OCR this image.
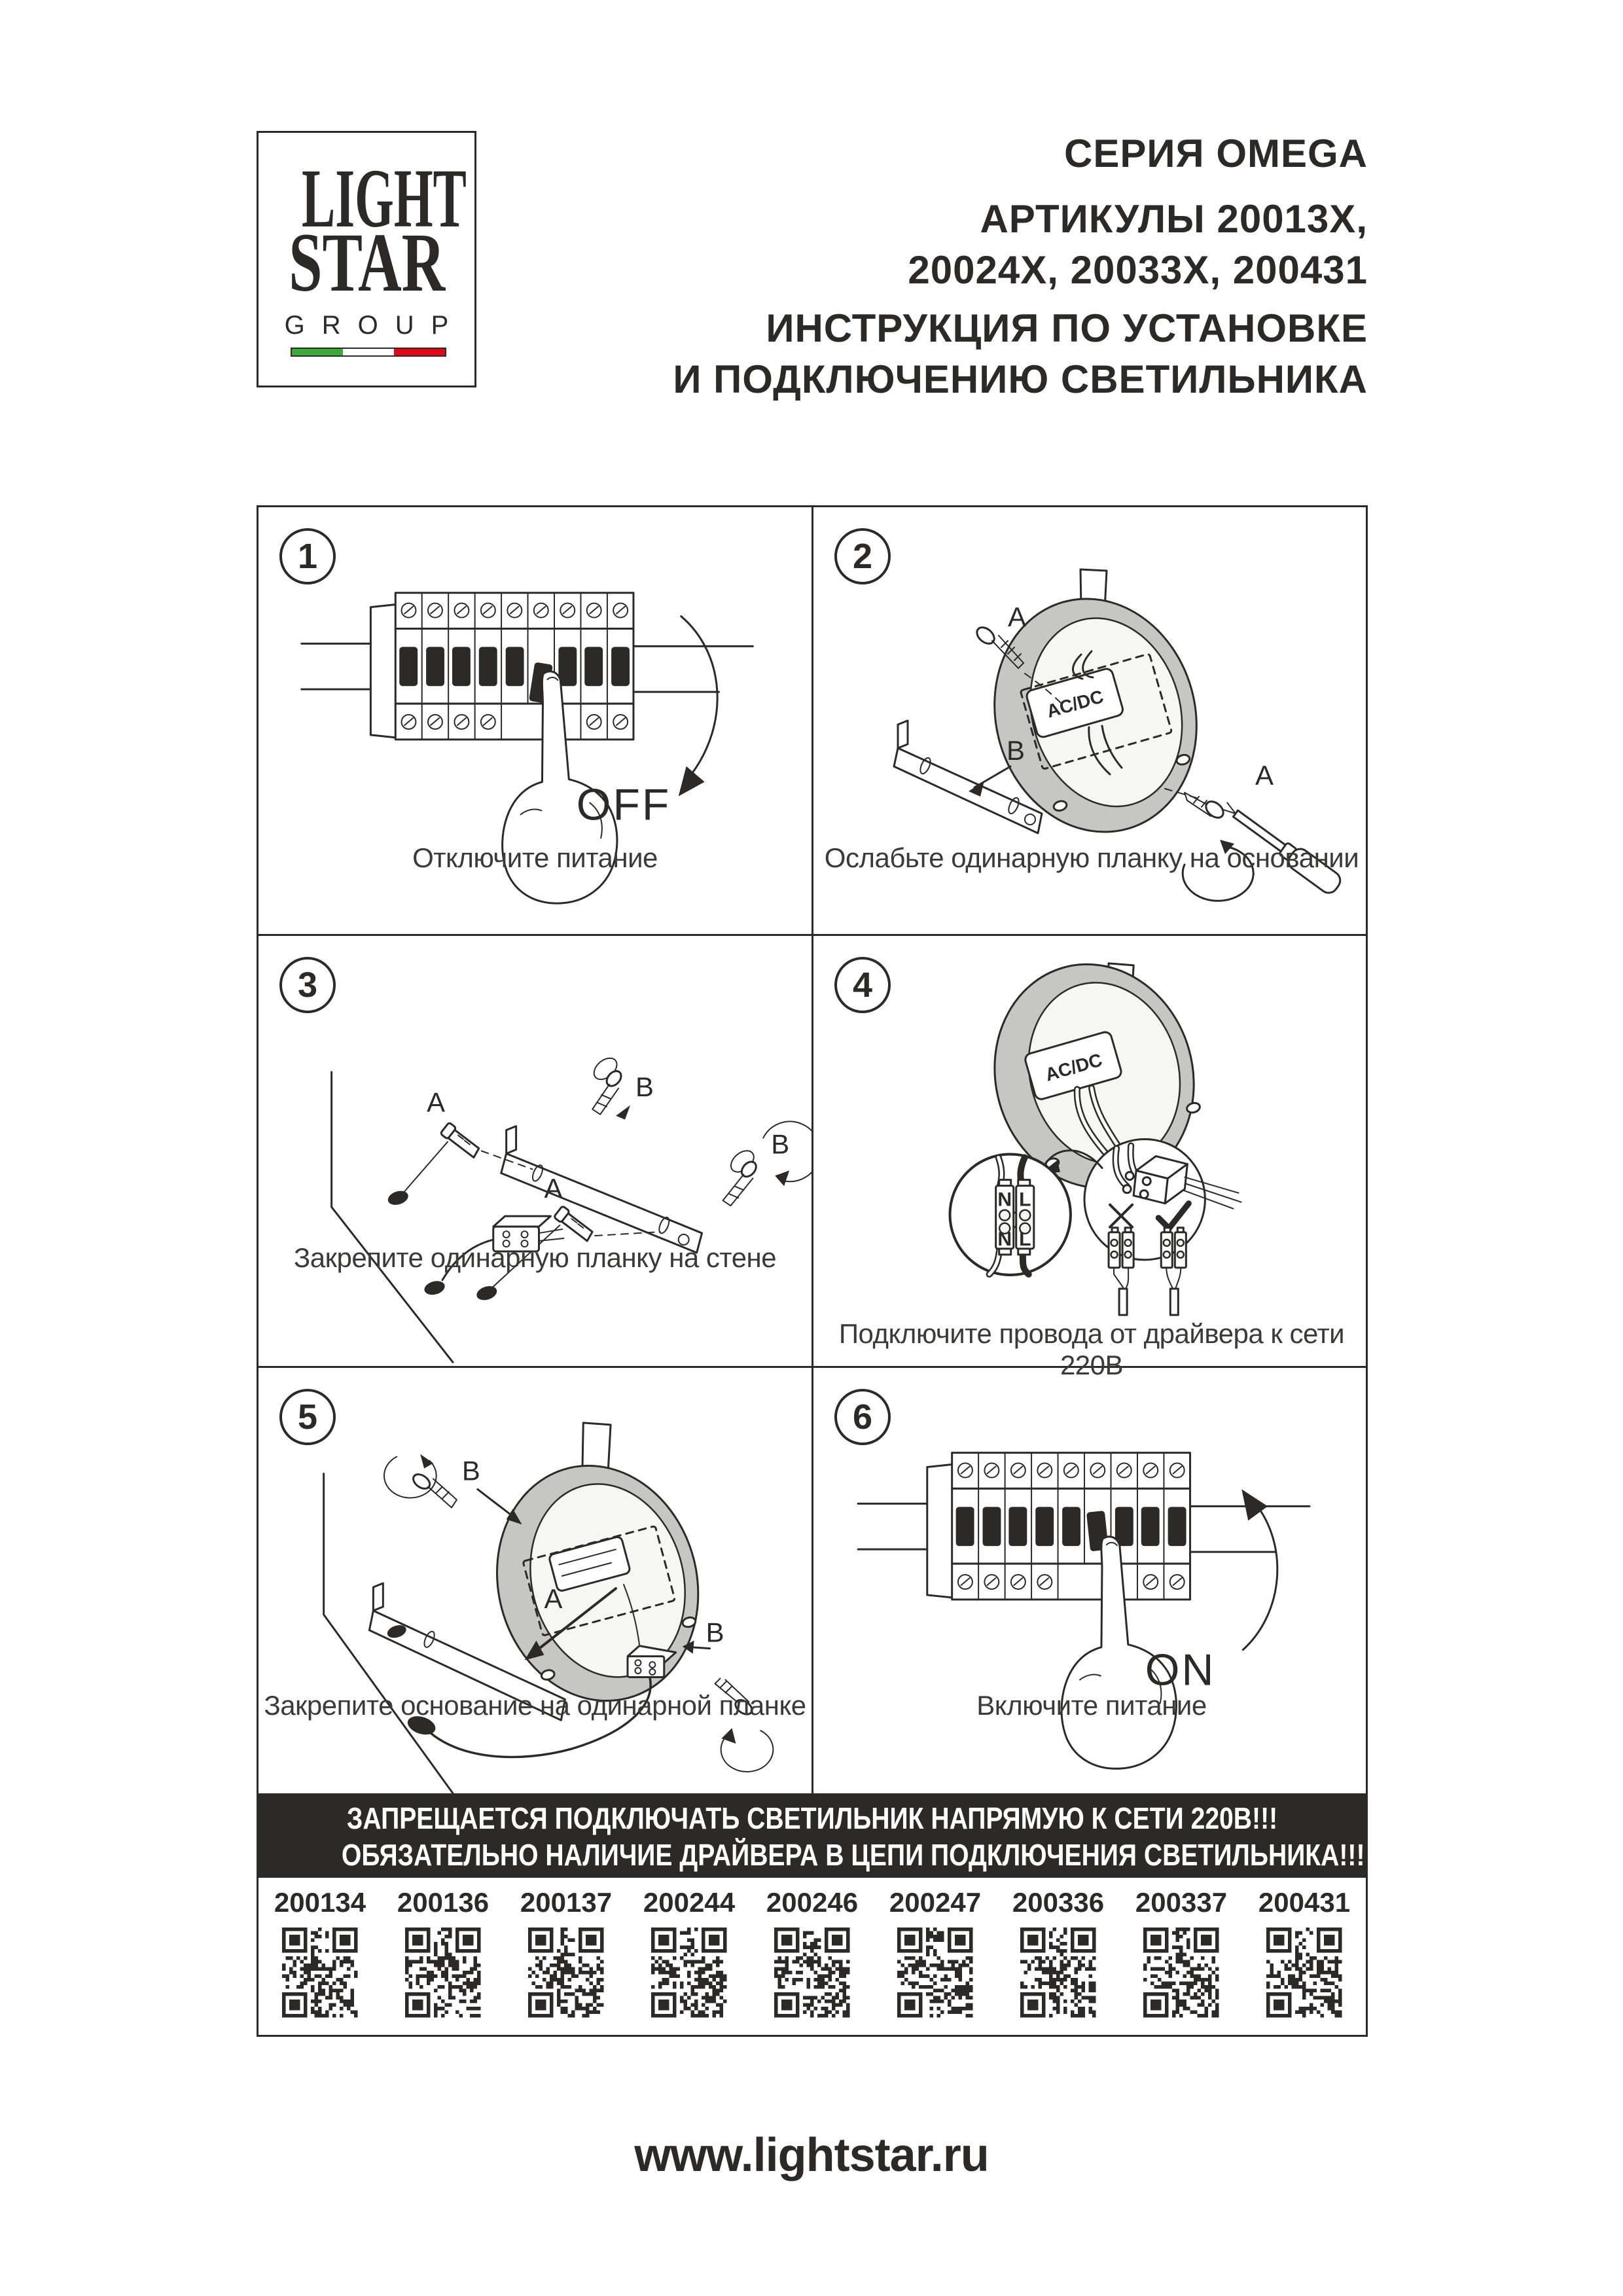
LIGHT
STAR
GROUP
СЕРИЯ OMEGA
АРТИКУЛЫ 20013Х,
20024Х, 20033Х, 200431
ИНСТРУКЦИЯ ПО УСТАНОВКЕ
И ПОДКЛЮЧЕНИЮ СВЕТИЛЬНИКА
OFF
1
Отключите питание
AC/DC
B
A
A
2
Ослабьте одинарную планку на основании
B
B
A
A
3
Закрепите одинарную планку на стене
AC/DC
N
N
L
L
4
Подключите провода от драйвера к сети 220В
B
A
B
5
Закрепите основание на одинарной планке
ON
6
Включите питание
ЗАПРЕЩАЕТСЯ ПОДКЛЮЧАТЬ СВЕТИЛЬНИК НАПРЯМУЮ К СЕТИ 220В!!!
ОБЯЗАТЕЛЬНО НАЛИЧИЕ ДРАЙВЕРА В ЦЕПИ ПОДКЛЮЧЕНИЯ СВЕТИЛЬНИКА!!!
200134	200136	200137	200244	200246	200247	200336	200337	200431
www.lightstar.ru
